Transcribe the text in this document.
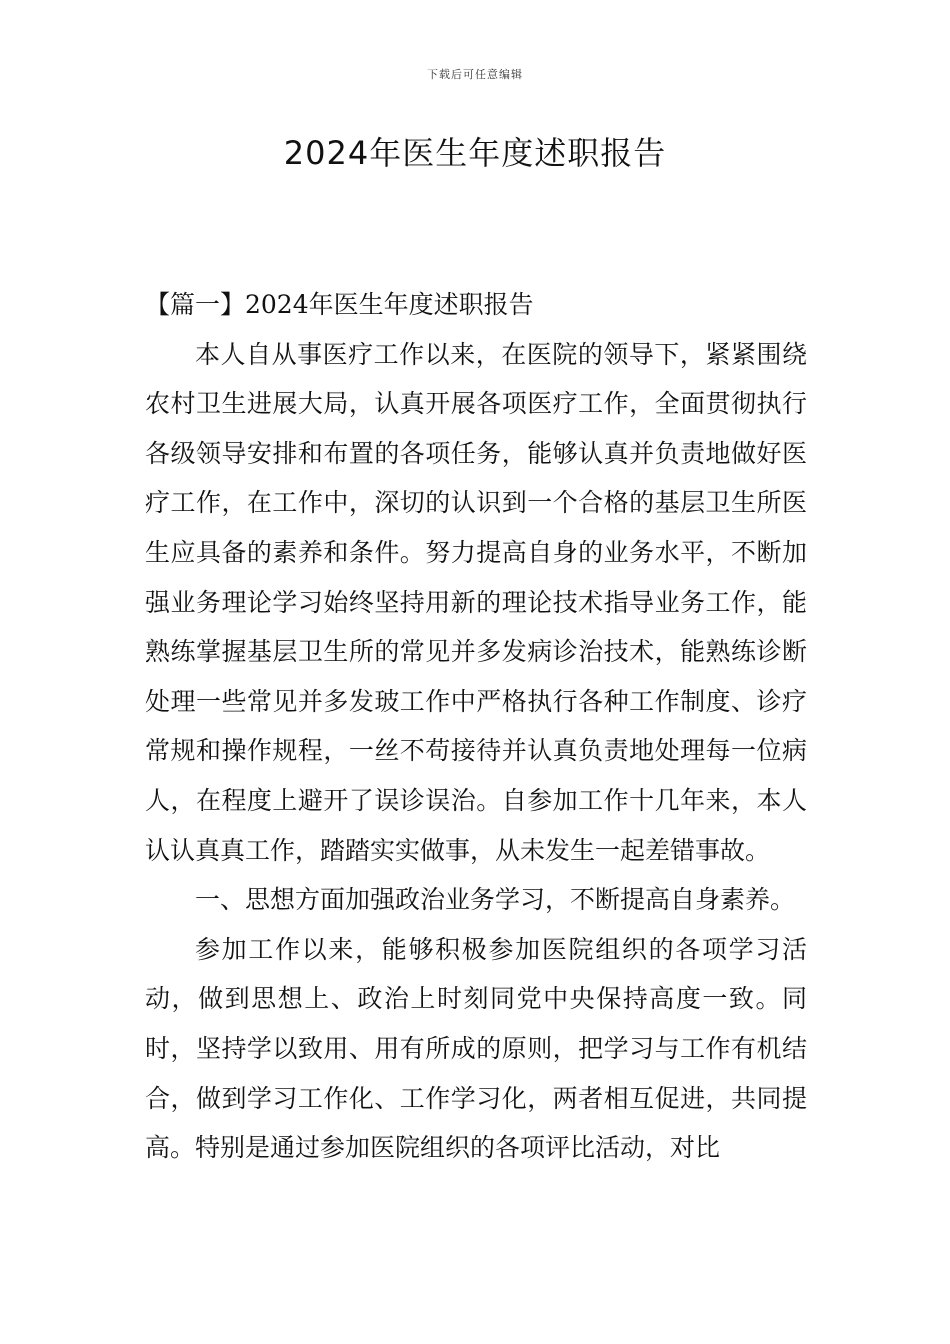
下载后可任意编辑
2024年医生年度述职报告

【篇一】2024年医生年度述职报告

本人自从事医疗工作以来，在医院的领导下，紧紧围绕农村卫生进展大局，认真开展各项医疗工作，全面贯彻执行各级领导安排和布置的各项任务，能够认真并负责地做好医疗工作，在工作中，深切的认识到一个合格的基层卫生所医生应具备的素养和条件。努力提高自身的业务水平，不断加强业务理论学习始终坚持用新的理论技术指导业务工作，能熟练掌握基层卫生所的常见并多发病诊治技术，能熟练诊断处理一些常见并多发玻工作中严格执行各种工作制度、诊疗常规和操作规程，一丝不苟接待并认真负责地处理每一位病人，在程度上避开了误诊误治。自参加工作十几年来，本人认认真真工作，踏踏实实做事，从未发生一起差错事故。

一、思想方面加强政治业务学习，不断提高自身素养。

参加工作以来，能够积极参加医院组织的各项学习活动，做到思想上、政治上时刻同党中央保持高度一致。同时，坚持学以致用、用有所成的原则，把学习与工作有机结合，做到学习工作化、工作学习化，两者相互促进，共同提高。特别是通过参加医院组织的各项评比活动，对比
